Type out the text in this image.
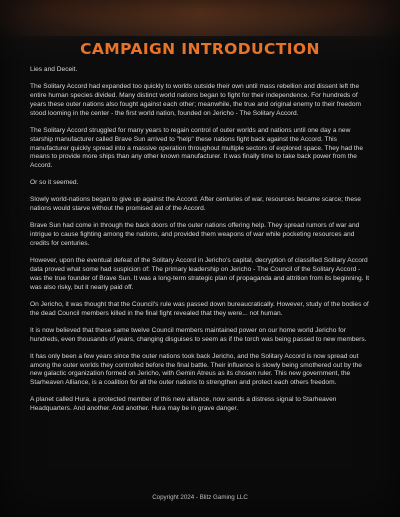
CAMPAIGN INTRODUCTION

Lies and Deceit.

The Solitary Accord had expanded too quickly to worlds outside their own until mass rebellion and dissent left the entire human species divided. Many distinct world nations began to fight for their independence. For hundreds of years these outer nations also fought against each other; meanwhile, the true and original enemy to their freedom stood looming in the center - the first world nation, founded on Jericho - The Solitary Accord.

The Solitary Accord struggled for many years to regain control of outer worlds and nations until one day a new starship manufacturer called Brave Sun arrived to "help" these nations fight back against the Accord. This manufacturer quickly spread into a massive operation throughout multiple sectors of explored space. They had the means to provide more ships than any other known manufacturer. It was finally time to take back power from the Accord.

Or so it seemed.

Slowly world-nations began to give up against the Accord. After centuries of war, resources became scarce; these nations would starve without the promised aid of the Accord.

Brave Sun had come in through the back doors of the outer nations offering help. They spread rumors of war and intrigue to cause fighting among the nations, and provided them weapons of war while pocketing resources and credits for centuries.

However, upon the eventual defeat of the Solitary Accord in Jericho's capital, decryption of classified Solitary Accord data proved what some had suspicion of: The primary leadership on Jericho - The Council of the Solitary Accord - was the true founder of Brave Sun. It was a long-term strategic plan of propaganda and attrition from its beginning. It was also risky, but it nearly paid off.

On Jericho, it was thought that the Council's rule was passed down bureaucratically. However, study of the bodies of the dead Council members killed in the final fight revealed that they were... not human.

It is now believed that these same twelve Council members maintained power on our home world Jericho for hundreds, even thousands of years, changing disguises to seem as if the torch was being passed to new members.

It has only been a few years since the outer nations took back Jericho, and the Solitary Accord is now spread out among the outer worlds they controlled before the final battle. Their influence is slowly being smothered out by the new galactic organization formed on Jericho, with Gemin Atreus as its chosen ruler. This new government, the Starheaven Alliance, is a coalition for all the outer nations to strengthen and protect each others freedom.

A planet called Hura, a protected member of this new alliance, now sends a distress signal to Starheaven Headquarters. And another. And another. Hura may be in grave danger.

Copyright 2024 - Blitz Gaming LLC
